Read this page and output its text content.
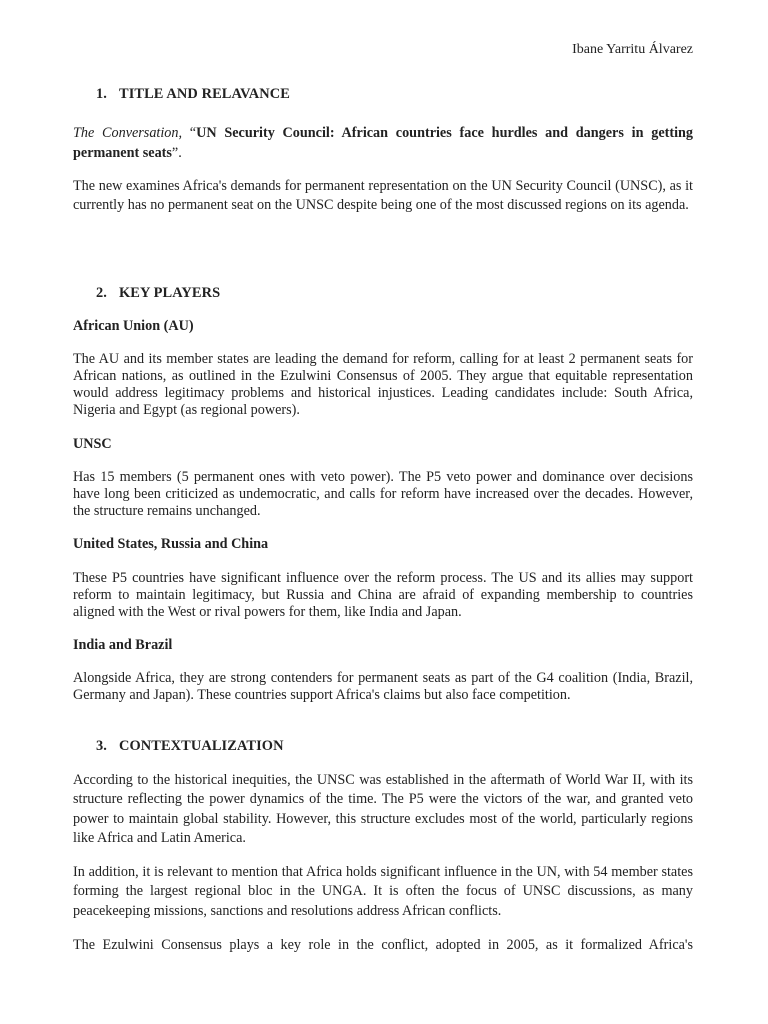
Ibane Yarritu Álvarez
1. TITLE AND RELAVANCE
The Conversation, “UN Security Council: African countries face hurdles and dangers in getting permanent seats”.
The new examines Africa's demands for permanent representation on the UN Security Council (UNSC), as it currently has no permanent seat on the UNSC despite being one of the most discussed regions on its agenda.
2. KEY PLAYERS
African Union (AU)
The AU and its member states are leading the demand for reform, calling for at least 2 permanent seats for African nations, as outlined in the Ezulwini Consensus of 2005. They argue that equitable representation would address legitimacy problems and historical injustices. Leading candidates include: South Africa, Nigeria and Egypt (as regional powers).
UNSC
Has 15 members (5 permanent ones with veto power). The P5 veto power and dominance over decisions have long been criticized as undemocratic, and calls for reform have increased over the decades. However, the structure remains unchanged.
United States, Russia and China
These P5 countries have significant influence over the reform process. The US and its allies may support reform to maintain legitimacy, but Russia and China are afraid of expanding membership to countries aligned with the West or rival powers for them, like India and Japan.
India and Brazil
Alongside Africa, they are strong contenders for permanent seats as part of the G4 coalition (India, Brazil, Germany and Japan). These countries support Africa's claims but also face competition.
3. CONTEXTUALIZATION
According to the historical inequities, the UNSC was established in the aftermath of World War II, with its structure reflecting the power dynamics of the time. The P5 were the victors of the war, and granted veto power to maintain global stability. However, this structure excludes most of the world, particularly regions like Africa and Latin America.
In addition, it is relevant to mention that Africa holds significant influence in the UN, with 54 member states forming the largest regional bloc in the UNGA. It is often the focus of UNSC discussions, as many peacekeeping missions, sanctions and resolutions address African conflicts.
The Ezulwini Consensus plays a key role in the conflict, adopted in 2005, as it formalized Africa's
